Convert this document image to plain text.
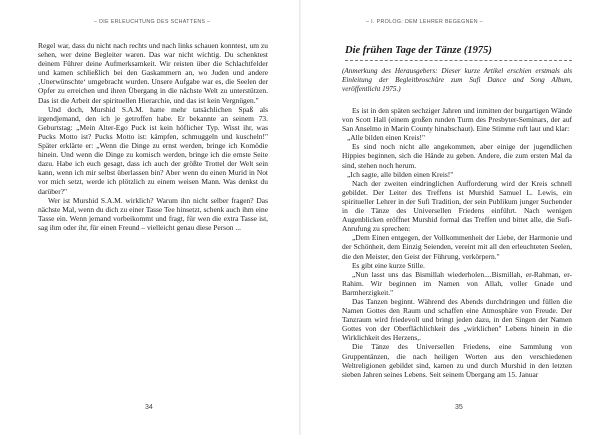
– DIE ERLEUCHTUNG DES SCHATTENS –

Regel war, dass du nicht nach rechts und nach links schauen konntest, um zu sehen, wer deine Begleiter waren. Das war nicht wichtig. Du schenktest deinem Führer deine Aufmerksamkeit. Wir reisten über die Schlachtfelder und kamen schließlich bei den Gaskammern an, wo Juden und andere ‚Unerwünschte‘ umgebracht wurden. Unsere Aufgabe war es, die Seelen der Opfer zu erreichen und ihren Übergang in die nächste Welt zu unterstützen. Das ist die Arbeit der spirituellen Hierarchie, und das ist kein Vergnügen."

Und doch, Murshid S.A.M. hatte mehr tatsächlichen Spaß als irgendjemand, den ich je getroffen habe. Er bekannte an seinem 73. Geburtstag: „Mein Alter-Ego Puck ist kein höflicher Typ. Wisst ihr, was Pucks Motto ist? Pucks Motto ist: kämpfen, schmuggeln und kuscheln!" Später erklärte er: „Wenn die Dinge zu ernst werden, bringe ich Komödie hinein. Und wenn die Dinge zu komisch werden, bringe ich die ernste Seite dazu. Habe ich euch gesagt, dass ich auch der größte Trottel der Welt sein kann, wenn ich mir selbst überlassen bin? Aber wenn du einen Murid in Not vor mich setzt, werde ich plötzlich zu einem weisen Mann. Was denkst du darüber?"

Wer ist Murshid S.A.M. wirklich? Warum ihn nicht selber fragen? Das nächste Mal, wenn du dich zu einer Tasse Tee hinsetzt, schenk auch ihm eine Tasse ein. Wenn jemand vorbeikommt und fragt, für wen die extra Tasse ist, sag ihm oder ihr, für einen Freund – vielleicht genau diese Person ...

34
– I. PROLOG: DEM LEHRER BEGEGNEN –
Die frühen Tage der Tänze (1975)
(Anmerkung des Herausgebers: Dieser kurze Artikel erschien erstmals als Einleitung der Begleitbroschüre zum Sufi Dance and Song Album, veröffentlicht 1975.)

Es ist in den späten sechziger Jahren und inmitten der burgartigen Wände von Scott Hall (einem großen runden Turm des Presbyter-Seminars, der auf San Anselmo in Marin County hinabschaut). Eine Stimme ruft laut und klar:

„Alle bilden einen Kreis!"

Es sind noch nicht alle angekommen, aber einige der jugendlichen Hippies beginnen, sich die Hände zu geben. Andere, die zum ersten Mal da sind, stehen noch herum.

„Ich sagte, alle bilden einen Kreis!"

Nach der zweiten eindringlichen Aufforderung wird der Kreis schnell gebildet. Der Leiter des Treffens ist Murshid Samuel L. Lewis, ein spiritueller Lehrer in der Sufi Tradition, der sein Publikum junger Suchender in die Tänze des Universellen Friedens einführt. Nach wenigen Augenblicken eröffnet Murshid formal das Treffen und bittet alle, die Sufi-Anrufung zu sprechen:

„Dem Einen entgegen, der Vollkommenheit der Liebe, der Harmonie und der Schönheit, dem Einzig Seienden, vereint mit all den erleuchteten Seelen, die den Meister, den Geist der Führung, verkörpern."

Es gibt eine kurze Stille.

„Nun lasst uns das Bismillah wiederholen....Bismillah, er-Rahman, er-Rahim. Wir beginnen im Namen von Allah, voller Gnade und Barmherzigkeit."

Das Tanzen beginnt. Während des Abends durchdringen und füllen die Namen Gottes den Raum und schaffen eine Atmosphäre von Freude. Der Tanzraum wird friedevoll und bringt jeden dazu, in den Singen der Namen Gottes von der Oberflächlichkeit des „wirklichen" Lebens hinein in die Wirklichkeit des Herzens,.

Die Tänze des Universellen Friedens, eine Sammlung von Gruppentänzen, die nach heiligen Worten aus den verschiedenen Weltreligionen gebildet sind, kamen zu und durch Murshid in den letzten sieben Jahren seines Lebens. Seit seinem Übergang am 15. Januar

35
